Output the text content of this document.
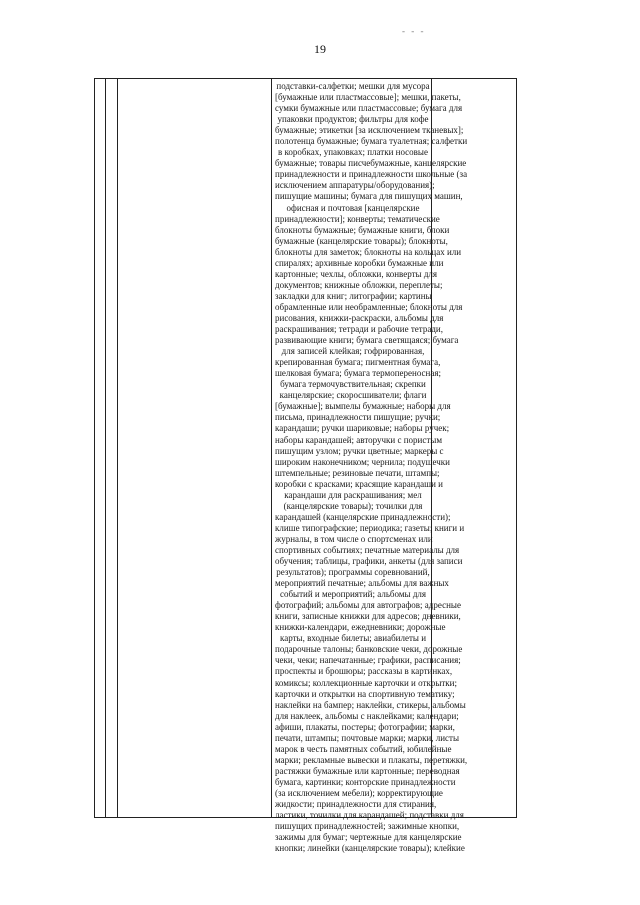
- - -
19
подставки-салфетки; мешки для мусора
[бумажные или пластмассовые]; мешки, пакеты,
сумки бумажные или пластмассовые; бумага для
упаковки продуктов; фильтры для кофе
бумажные; этикетки [за исключением тканевых];
полотенца бумажные; бумага туалетная; салфетки
в коробках, упаковках; платки носовые
бумажные; товары писчебумажные, канцелярские
принадлежности и принадлежности школьные (за
исключением аппаратуры/оборудования);
пишущие машины; бумага для пишущих машин,
офисная и почтовая [канцелярские
принадлежности]; конверты; тематические
блокноты бумажные; бумажные книги, блоки
бумажные (канцелярские товары); блокноты,
блокноты для заметок; блокноты на кольцах или
спиралях; архивные коробки бумажные или
картонные; чехлы, обложки, конверты для
документов; книжные обложки, переплеты;
закладки для книг; литографии; картины
обрамленные или необрамленные; блокноты для
рисования, книжки-раскраски, альбомы для
раскрашивания; тетради и рабочие тетради,
развивающие книги; бумага светящаяся; бумага
для записей клейкая; гофрированная,
крепированная бумага; пигментная бумага,
шелковая бумага; бумага термопереносная;
бумага термочувствительная; скрепки
канцелярские; скоросшиватели; флаги
[бумажные]; вымпелы бумажные; наборы для
письма, принадлежности пишущие; ручки;
карандаши; ручки шариковые; наборы ручек;
наборы карандашей; авторучки с пористым
пишущим узлом; ручки цветные; маркеры с
широким наконечником; чернила; подушечки
штемпельные; резиновые печати, штампы;
коробки с красками; красящие карандаши и
карандаши для раскрашивания; мел
(канцелярские товары); точилки для
карандашей (канцелярские принадлежности);
клише типографские; периодика; газеты; книги и
журналы, в том числе о спортсменах или
спортивных событиях; печатные материалы для
обучения; таблицы, графики, анкеты (для записи
результатов); программы соревнований,
мероприятий печатные; альбомы для важных
событий и мероприятий; альбомы для
фотографий; альбомы для автографов; адресные
книги, записные книжки для адресов; дневники,
книжки-календари, ежедневники; дорожные
карты, входные билеты; авиабилеты и
подарочные талоны; банковские чеки, дорожные
чеки, чеки; напечатанные; графики, расписания;
проспекты и брошюры; рассказы в картинках,
комиксы; коллекционные карточки и открытки;
карточки и открытки на спортивную тематику;
наклейки на бампер; наклейки, стикеры, альбомы
для наклеек, альбомы с наклейками; календари;
афиши, плакаты, постеры; фотографии; марки,
печати, штампы; почтовые марки; марки, листы
марок в честь памятных событий, юбилейные
марки; рекламные вывески и плакаты, перетяжки,
растяжки бумажные или картонные; переводная
бумага, картинки; конторские принадлежности
(за исключением мебели); корректирующие
жидкости; принадлежности для стирания,
ластики, точилки для карандашей; подставки для
пишущих принадлежностей; зажимные кнопки,
зажимы для бумаг; чертежные для канцелярские
кнопки; линейки (канцелярские товары); клейкие
